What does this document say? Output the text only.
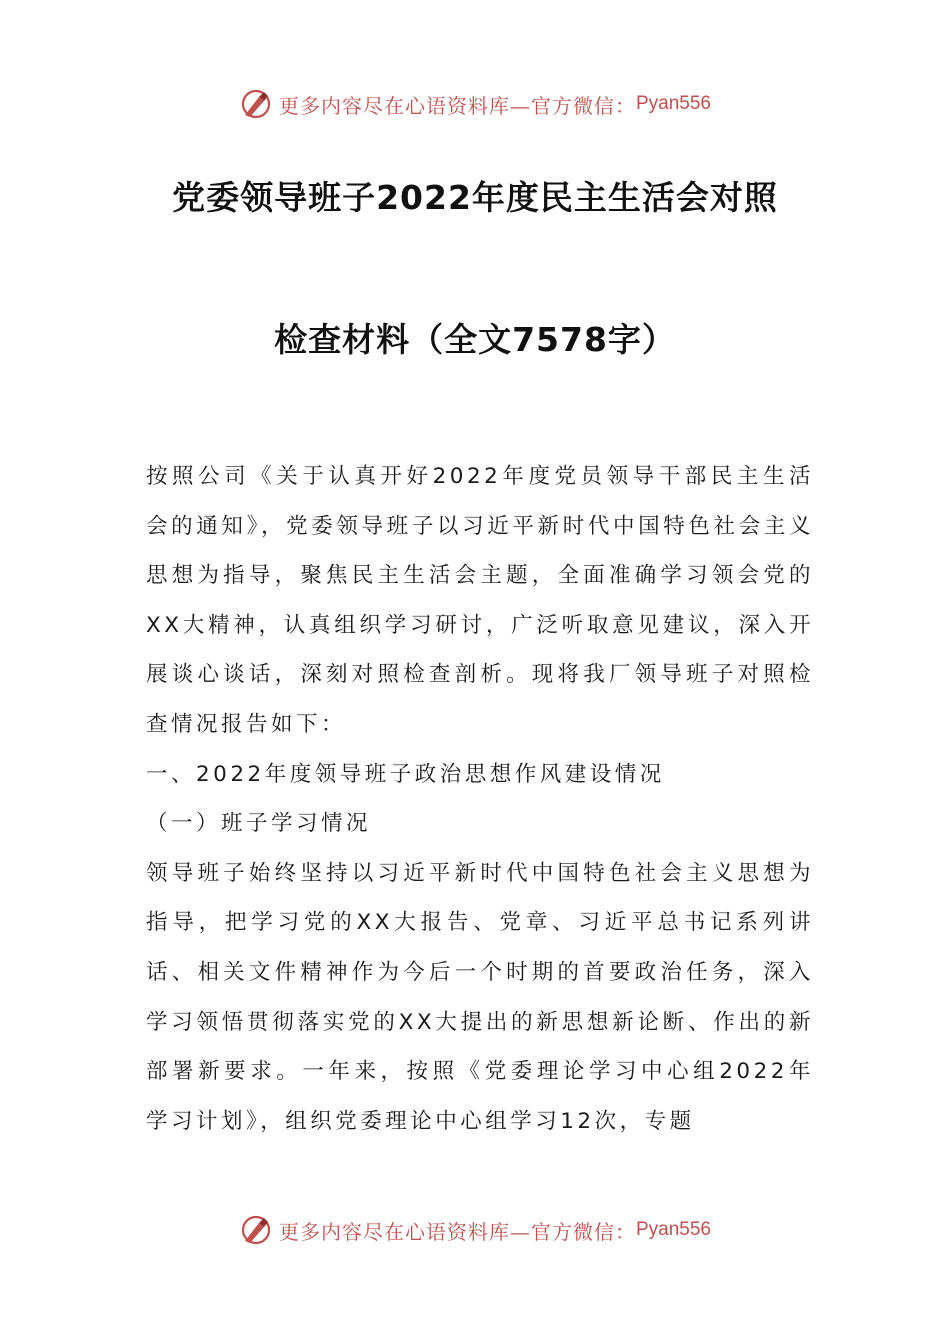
更多内容尽在心语资料库—官方微信： Pyan556
党委领导班子2022年度民主生活会对照
检查材料（全文7578字）

按照公司《关于认真开好2022年度党员领导干部民主生活会的通知》，党委领导班子以习近平新时代中国特色社会主义思想为指导，聚焦民主生活会主题，全面准确学习领会党的XX大精神，认真组织学习研讨，广泛听取意见建议，深入开展谈心谈话，深刻对照检查剖析。现将我厂领导班子对照检查情况报告如下：

一、2022年度领导班子政治思想作风建设情况

（一）班子学习情况

领导班子始终坚持以习近平新时代中国特色社会主义思想为指导，把学习党的XX大报告、党章、习近平总书记系列讲话、相关文件精神作为今后一个时期的首要政治任务，深入学习领悟贯彻落实党的XX大提出的新思想新论断、作出的新部署新要求。一年来，按照《党委理论学习中心组2022年学习计划》，组织党委理论中心组学习12次，专题

更多内容尽在心语资料库—官方微信： Pyan556
